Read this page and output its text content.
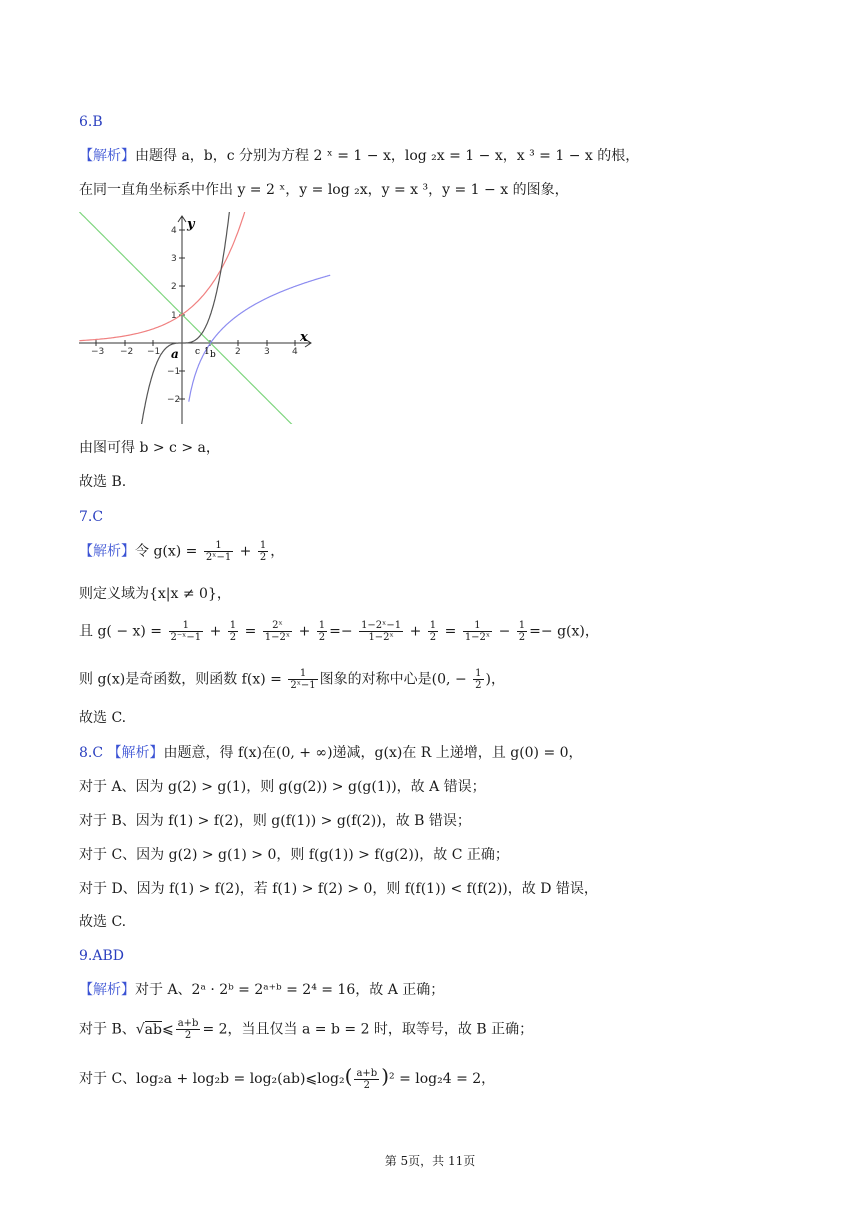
6.B
【解析】由题得 a，b，c 分别为方程 2 ˣ = 1 − x，log ₂x = 1 − x，x ³ = 1 − x 的根，
在同一直角坐标系中作出 y = 2 ˣ，y = log ₂x，y = x ³，y = 1 − x 的图象，
y
x
−3 −2 −1	2	3 4
4
3
2
1
−1
−2
a c b
1
由图可得 b > c > a，
故选 B.
7.C
【解析】令 $g(x) = \frac{1}{\text{2ˣ−1}} + \frac{1}{2}$ ，
则定义域为{x|x ≠ 0}，
且 $g( - x) = \frac{1}{\text{2⁻ˣ−1}} + \frac{1}{2} = \frac{\text{2ˣ}}{\text{1−2ˣ}} + \frac{1}{2} =- \frac{\text{1−2ˣ−1}}{\text{1−2ˣ}} + \frac{1}{2} = \frac{1}{\text{1−2ˣ}} - \frac{1}{2} =- g(x)$，
则 g(x)是奇函数，则函数 $f(x) = \frac{1}{\text{2ˣ−1}}$ 图象的对称中心是(0, − $\frac{1}{2}$ )，
故选 C.
8.C 【解析】由题意，得 f(x)在(0, + ∞)递减，g(x)在 R 上递增，且 g(0) = 0，
对于 A、因为 g(2) > g(1)，则 g(g(2)) > g(g(1))，故 A 错误；
对于 B、因为 f(1) > f(2)，则 g(f(1)) > g(f(2))，故 B 错误；
对于 C、因为 g(2) > g(1) > 0，则 f(g(1)) > f(g(2))，故 C 正确；
对于 D、因为 f(1) > f(2)，若 f(1) > f(2) > 0，则 f(f(1)) < f(f(2))，故 D 错误，
故选 C.
9.ABD
【解析】对于 A、2ᵃ · 2ᵇ = 2ᵃ⁺ᵇ = 2⁴ = 16，故 A 正确；
对于 B、√ab⩽ $\frac{a+b}{2} = 2$，当且仅当 a = b = 2 时，取等号，故 B 正确；
对于 C、log₂a + log₂b = log₂(ab)⩽log₂( $\frac{a+b}{2} )^2 = \log_24 = 2$，
第 5页，共 11页
